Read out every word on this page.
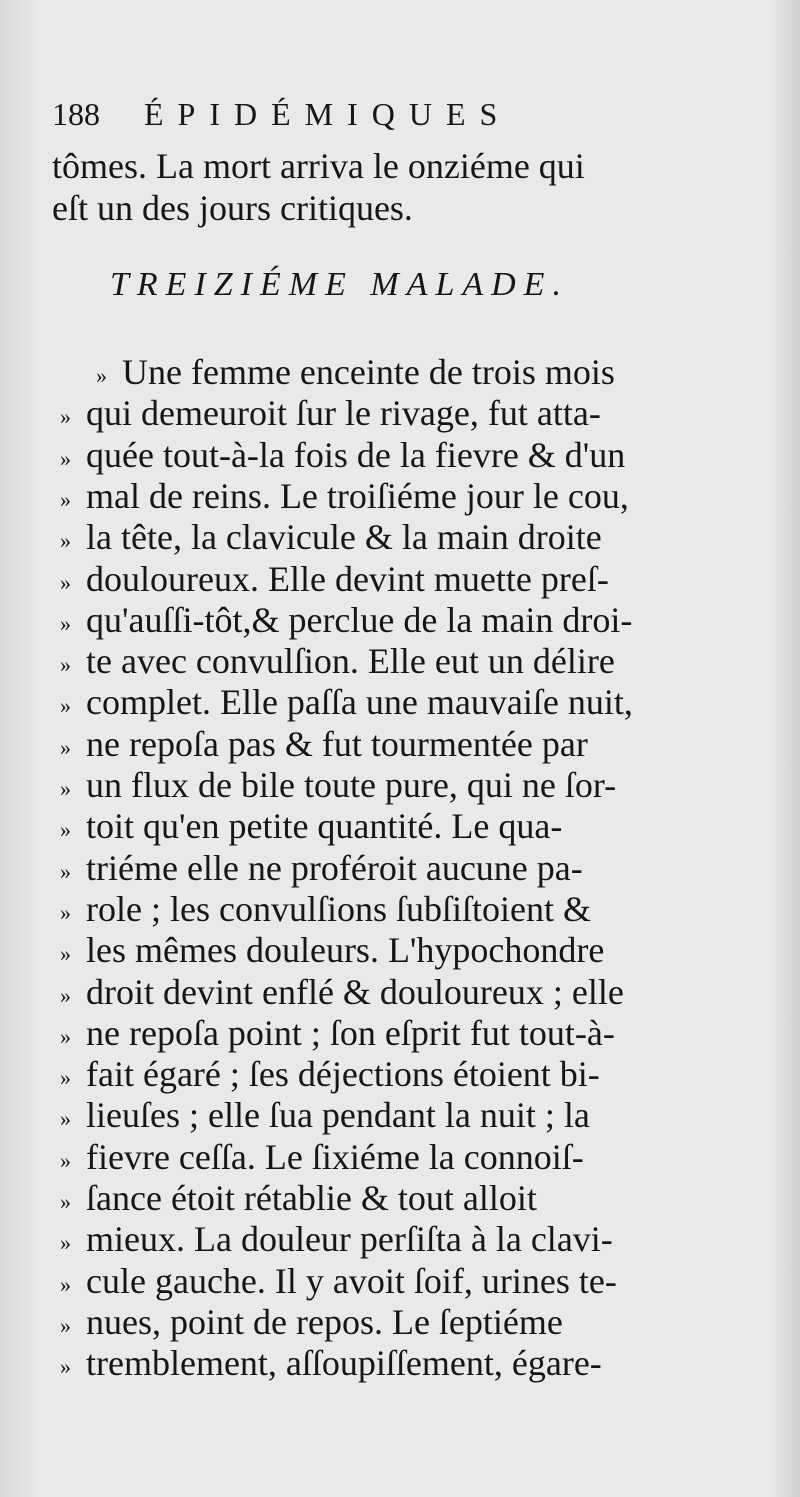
188 ÉPIDÉMIQUES
tômes. La mort arriva le onziéme qui
eſt un des jours critiques.
TREIZIÉME MALADE.
» Une femme enceinte de trois mois
» qui demeuroit ſur le rivage, fut atta-
» quée tout-à-la fois de la fievre & d'un
» mal de reins. Le troiſiéme jour le cou,
» la tête, la clavicule & la main droite
» douloureux. Elle devint muette preſ-
» qu'auſſi-tôt,& perclue de la main droi-
» te avec convulſion. Elle eut un délire
» complet. Elle paſſa une mauvaiſe nuit,
» ne repoſa pas & fut tourmentée par
» un flux de bile toute pure, qui ne ſor-
» toit qu'en petite quantité. Le qua-
» triéme elle ne proféroit aucune pa-
» role ; les convulſions ſubſiſtoient &
» les mêmes douleurs. L'hypochondre
» droit devint enflé & douloureux ; elle
» ne repoſa point ; ſon eſprit fut tout-à-
» fait égaré ; ſes déjections étoient bi-
» lieuſes ; elle ſua pendant la nuit ; la
» fievre ceſſa. Le ſixiéme la connoiſ-
» ſance étoit rétablie & tout alloit
» mieux. La douleur perſiſta à la clavi-
» cule gauche. Il y avoit ſoif, urines te-
» nues, point de repos. Le ſeptiéme
» tremblement, aſſoupiſſement, égare-
